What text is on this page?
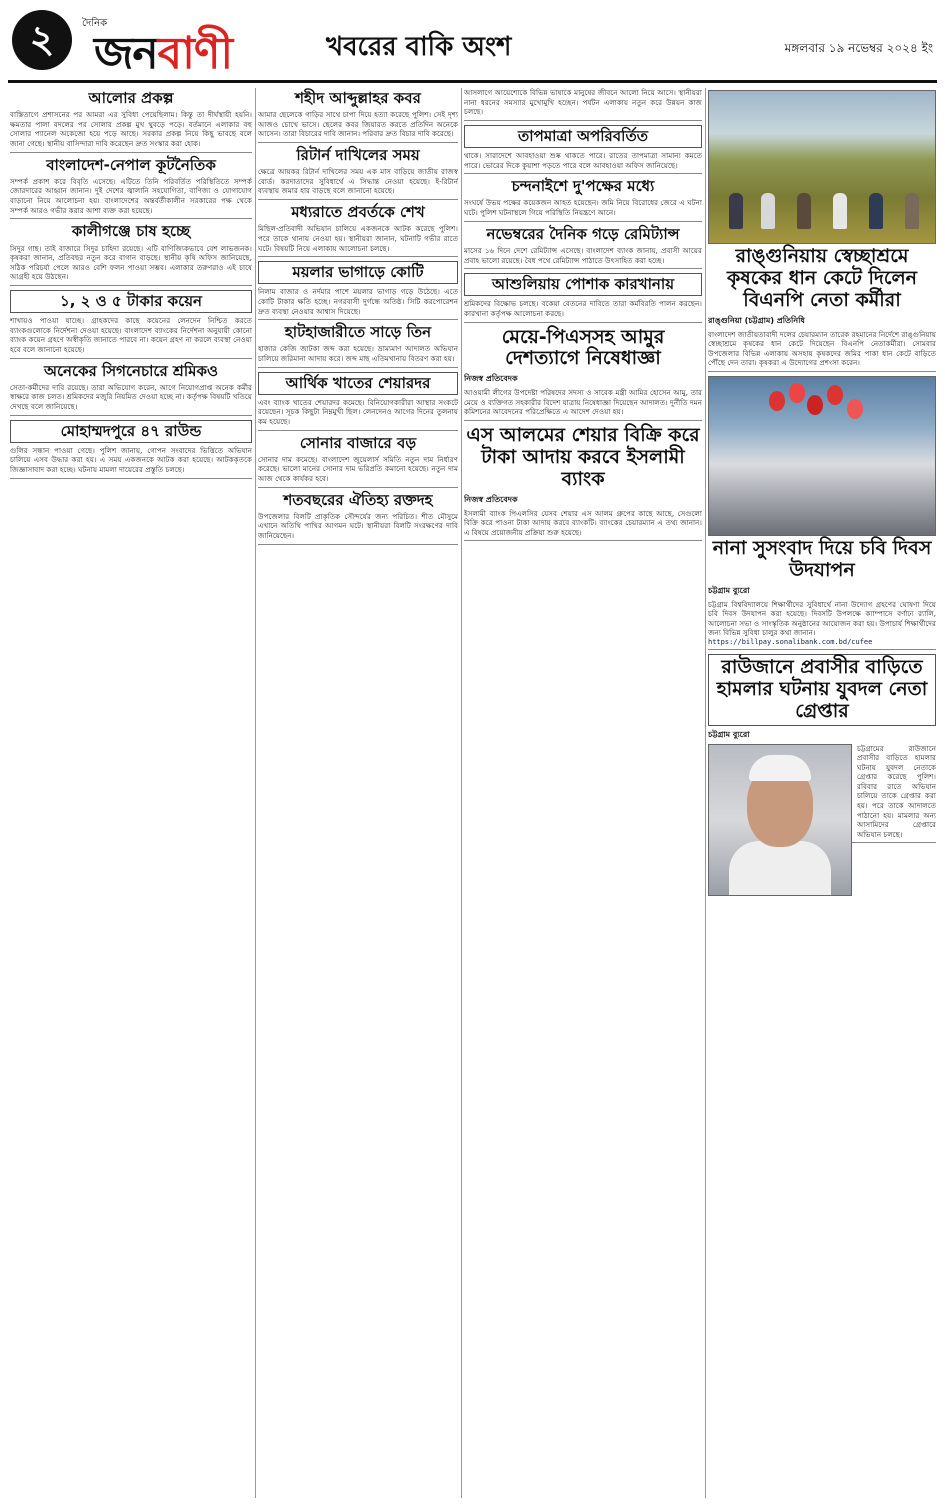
২	দৈনিক
জনবাণী	খবরের বাকি অংশ	মঙ্গলবার ১৯ নভেম্বর ২০২৪ ইং
আলোর প্রকল্প

বাস্তিতাগে প্রশাসনের পর আমরা এর সুবিধা পেয়েছিলাম। কিন্তু তা দীর্ঘস্থায়ী হয়নি। ক্ষমতার পালা বদলের পর সোলার প্রকল্প মুখ থুবড়ে পড়ে। বর্তমানে এলাকার বহু সোলার প্যানেল অকেজো হয়ে পড়ে আছে। সরকার প্রকল্প নিয়ে কিছু ভাবছে বলে জানা গেছে। স্থানীয় বাসিন্দারা দাবি করেছেন দ্রুত সংস্কার করা হোক।

বাংলাদেশ-নেপাল কূটনৈতিক

সম্পর্ক প্রকাশ করে বিবৃতি এসেছে। এটিতে তিনি পরিবর্তিত পরিস্থিতিতে সম্পর্ক জোরদারের আহ্বান জানান। দুই দেশের জ্বালানি সহযোগিতা, বাণিজ্য ও যোগাযোগ বাড়ানো নিয়ে আলোচনা হয়। বাংলাদেশের অন্তর্বর্তীকালীন সরকারের পক্ষ থেকে সম্পর্ক আরও গভীর করার আশা ব্যক্ত করা হয়েছে।

কালীগঞ্জে চাষ হচ্ছে

সিদুর গাছ। তাই বাজারে সিদুর চাহিদা রয়েছে। এটি বাণিজ্যিকভাবে বেশ লাভজনক। কৃষকরা জানান, প্রতিবছর নতুন করে বাগান বাড়ছে। স্থানীয় কৃষি অফিস জানিয়েছে, সঠিক পরিচর্যা পেলে আরও বেশি ফলন পাওয়া সম্ভব। এলাকার তরুণরাও এই চাষে আগ্রহী হয়ে উঠছেন।

১, ২ ও ৫ টাকার কয়েন

শাখায়ও পাওয়া যাচ্ছে। গ্রাহকদের কাছে কয়েনের লেনদেন নিশ্চিত করতে ব্যাংকগুলোকে নির্দেশনা দেওয়া হয়েছে। বাংলাদেশ ব্যাংকের নির্দেশনা অনুযায়ী কোনো ব্যাংক কয়েন গ্রহণে অস্বীকৃতি জানাতে পারবে না। কয়েন গ্রহণ না করলে ব্যবস্থা নেওয়া হবে বলে জানানো হয়েছে।

অনেকের সিগনেচারে শ্রমিকও

সেতা-কর্মীদের দাবি রয়েছে। তারা অভিযোগ করেন, আগে নিয়োগপ্রাপ্ত অনেক কর্মীর স্বাক্ষরে কাজ চলত। শ্রমিকদের মজুরি নিয়মিত দেওয়া হচ্ছে না। কর্তৃপক্ষ বিষয়টি খতিয়ে দেখছে বলে জানিয়েছে।

মোহাম্মদপুরে ৪৭ রাউন্ড

গুলির সন্ধান পাওয়া গেছে। পুলিশ জানায়, গোপন সংবাদের ভিত্তিতে অভিযান চালিয়ে এসব উদ্ধার করা হয়। এ সময় একজনকে আটক করা হয়েছে। আটককৃতকে জিজ্ঞাসাবাদ করা হচ্ছে। ঘটনায় মামলা দায়েরের প্রস্তুতি চলছে।

শহীদ আব্দুল্লাহর কবর

আমার ছেলেকে গাড়ির সাথে চাপা দিয়ে হত্যা করেছে পুলিশ। সেই দৃশ্য আজও চোখে ভাসে। ছেলের কবর জিয়ারত করতে প্রতিদিন অনেকে আসেন। তারা বিচারের দাবি জানান। পরিবার দ্রুত বিচার দাবি করেছে।

রিটার্ন দাখিলের সময়

ক্ষেত্রে আয়কর রিটার্ন দাখিলের সময় এক মাস বাড়িয়ে জাতীয় রাজস্ব বোর্ড। করদাতাদের সুবিধার্থে এ সিদ্ধান্ত নেওয়া হয়েছে। ই-রিটার্ন ব্যবস্থায় জমার হার বাড়ছে বলে জানানো হয়েছে।

মধ্যরাতে প্রবর্তকে শেখ

মিছিল-প্রতিবাদী অভিযান চালিয়ে একজনকে আটক করেছে পুলিশ। পরে তাকে থানায় নেওয়া হয়। স্থানীয়রা জানান, ঘটনাটি গভীর রাতে ঘটে। বিষয়টি নিয়ে এলাকায় আলোচনা চলছে।

ময়লার ভাগাড়ে কোটি

নিলাম বাজার ও নর্দমার পাশে ময়লার ভাগাড় গড়ে উঠেছে। এতে কোটি টাকার ক্ষতি হচ্ছে। নগরবাসী দুর্গন্ধে অতিষ্ঠ। সিটি করপোরেশন দ্রুত ব্যবস্থা নেওয়ার আশ্বাস দিয়েছে।

হাটহাজারীতে সাড়ে তিন

হাজার কেজি জাটকা জব্দ করা হয়েছে। ভ্রাম্যমাণ আদালত অভিযান চালিয়ে জরিমানা আদায় করে। জব্দ মাছ এতিমখানায় বিতরণ করা হয়।

আর্থিক খাতের শেয়ারদর

এবং ব্যাংক খাতের শেয়ারদর কমেছে। বিনিয়োগকারীরা আস্থার সংকটে রয়েছেন। সূচক কিছুটা নিম্নমুখী ছিল। লেনদেনও আগের দিনের তুলনায় কম হয়েছে।

সোনার বাজারে বড়

সোনার দাম কমেছে। বাংলাদেশ জুয়েলার্স সমিতি নতুন দাম নির্ধারণ করেছে। ভালো মানের সোনার দাম ভরিপ্রতি কমানো হয়েছে। নতুন দাম আজ থেকে কার্যকর হবে।

শতবছরের ঐতিহ্য রক্তদহ

উপজেলার বিলটি প্রাকৃতিক সৌন্দর্যের জন্য পরিচিত। শীত মৌসুমে এখানে অতিথি পাখির আগমন ঘটে। স্থানীয়রা বিলটি সংরক্ষণের দাবি জানিয়েছেন।

আসলাগে আয়েশোকে বিভিন্ন ভাষাকে মানুষের জীবনে আলো নিয়ে আসে। স্থানীয়রা নানা ধরনের সমস্যার মুখোমুখি হচ্ছেন। পর্যটন এলাকায় নতুন করে উন্নয়ন কাজ চলছে।

তাপমাত্রা অপরিবর্তিত

থাকে। সারাদেশে আবহাওয়া শুষ্ক থাকতে পারে। রাতের তাপমাত্রা সামান্য কমতে পারে। ভোরের দিকে কুয়াশা পড়তে পারে বলে আবহাওয়া অফিস জানিয়েছে।

চন্দনাইশে দু'পক্ষের মধ্যে

সংঘর্ষে উভয় পক্ষের কয়েকজন আহত হয়েছেন। জমি নিয়ে বিরোধের জেরে এ ঘটনা ঘটে। পুলিশ ঘটনাস্থলে গিয়ে পরিস্থিতি নিয়ন্ত্রণে আনে।

নভেম্বরের দৈনিক গড়ে রেমিট্যান্স

মাসের ১৬ দিনে দেশে রেমিট্যান্স এসেছে। বাংলাদেশ ব্যাংক জানায়, প্রবাসী আয়ের প্রবাহ ভালো রয়েছে। বৈধ পথে রেমিট্যান্স পাঠাতে উৎসাহিত করা হচ্ছে।

আশুলিয়ায় পোশাক কারখানায়

শ্রমিকদের বিক্ষোভ চলছে। বকেয়া বেতনের দাবিতে তারা কর্মবিরতি পালন করছেন। কারখানা কর্তৃপক্ষ আলোচনা করছে।

মেয়ে-পিএসসহ আমুর দেশত্যাগে নিষেধাজ্ঞা
নিজস্ব প্রতিবেদক

আওয়ামী লীগের উপদেষ্টা পরিষদের সদস্য ও সাবেক মন্ত্রী আমির হোসেন আমু, তার মেয়ে ও ব্যক্তিগত সহকারীর বিদেশ যাত্রায় নিষেধাজ্ঞা দিয়েছেন আদালত। দুর্নীতি দমন কমিশনের আবেদনের পরিপ্রেক্ষিতে এ আদেশ দেওয়া হয়।

এস আলমের শেয়ার বিক্রি করে টাকা আদায় করবে ইসলামী ব্যাংক
নিজস্ব প্রতিবেদক

ইসলামী ব্যাংক পিএলসির যেসব শেয়ার এস আলম গ্রুপের কাছে আছে, সেগুলো বিক্রি করে পাওনা টাকা আদায় করবে ব্যাংকটি। ব্যাংকের চেয়ারম্যান এ তথ্য জানান। এ বিষয়ে প্রয়োজনীয় প্রক্রিয়া শুরু হয়েছে।

রাঙ্গুনিয়ায় স্বেচ্ছাশ্রমে কৃষকের ধান কেটে দিলেন বিএনপি নেতা কর্মীরা
রাঙ্গুনিয়া (চট্টগ্রাম) প্রতিনিধি

বাংলাদেশ জাতীয়তাবাদী দলের চেয়ারম্যান তারেক রহমানের নির্দেশে রাঙ্গুনিয়ায় স্বেচ্ছাশ্রমে কৃষকের ধান কেটে দিয়েছেন বিএনপি নেতাকর্মীরা। সোমবার উপজেলার বিভিন্ন এলাকায় অসহায় কৃষকদের জমির পাকা ধান কেটে বাড়িতে পৌঁছে দেন তারা। কৃষকরা এ উদ্যোগের প্রশংসা করেন।

নানা সুসংবাদ দিয়ে চবি দিবস উদযাপন
চট্টগ্রাম ব্যুরো

চট্টগ্রাম বিশ্ববিদ্যালয়ে শিক্ষার্থীদের সুবিধার্থে নানা উদ্যোগ গ্রহণের ঘোষণা দিয়ে চবি দিবস উদযাপন করা হয়েছে। দিবসটি উপলক্ষে ক্যাম্পাসে বর্ণাঢ্য র‍্যালি, আলোচনা সভা ও সাংস্কৃতিক অনুষ্ঠানের আয়োজন করা হয়। উপাচার্য শিক্ষার্থীদের জন্য বিভিন্ন সুবিধা চালুর কথা জানান।

https://billpay.sonalibank.com.bd/cufee
রাউজানে প্রবাসীর বাড়িতে হামলার ঘটনায় যুবদল নেতা গ্রেপ্তার
চট্টগ্রাম ব্যুরো

চট্টগ্রামের রাউজানে প্রবাসীর বাড়িতে হামলার ঘটনায় যুবদল নেতাকে গ্রেপ্তার করেছে পুলিশ। রবিবার রাতে অভিযান চালিয়ে তাকে গ্রেপ্তার করা হয়। পরে তাকে আদালতে পাঠানো হয়। মামলার অন্য আসামিদের গ্রেপ্তারে অভিযান চলছে।
